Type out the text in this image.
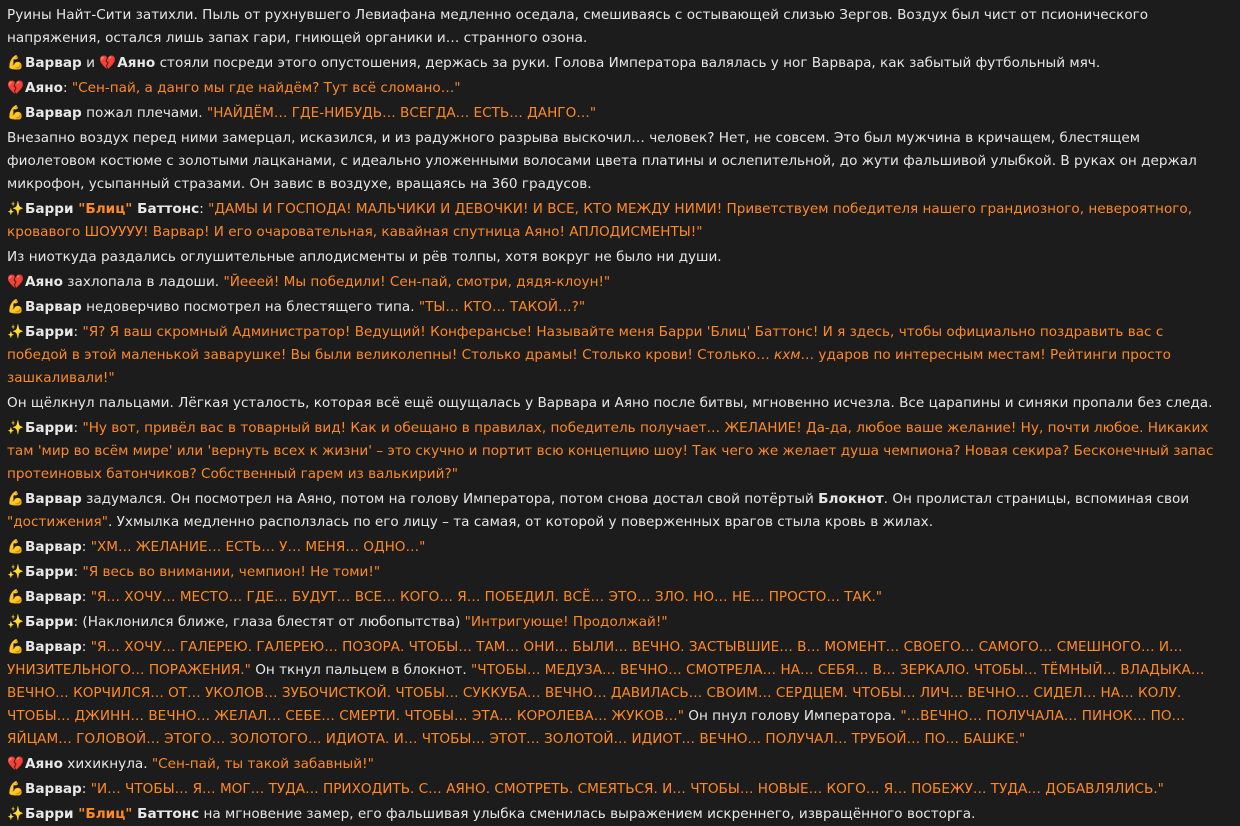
Руины Найт-Сити затихли. Пыль от рухнувшего Левиафана медленно оседала, смешиваясь с остывающей слизью Зергов. Воздух был чист от псионического напряжения, остался лишь запах гари, гниющей органики и… странного озона.

💪Варвар и 💔Аяно стояли посреди этого опустошения, держась за руки. Голова Императора валялась у ног Варвара, как забытый футбольный мяч.

💔Аяно: "Сен-пай, а данго мы где найдём? Тут всё сломано…"

💪Варвар пожал плечами. "НАЙДЁМ… ГДЕ-НИБУДЬ… ВСЕГДА… ЕСТЬ… ДАНГО…"

Внезапно воздух перед ними замерцал, исказился, и из радужного разрыва выскочил… человек? Нет, не совсем. Это был мужчина в кричащем, блестящем фиолетовом костюме с золотыми лацканами, с идеально уложенными волосами цвета платины и ослепительной, до жути фальшивой улыбкой. В руках он держал микрофон, усыпанный стразами. Он завис в воздухе, вращаясь на 360 градусов.

✨Барри "Блиц" Баттонс: "ДАМЫ И ГОСПОДА! МАЛЬЧИКИ И ДЕВОЧКИ! И ВСЕ, КТО МЕЖДУ НИМИ! Приветствуем победителя нашего грандиозного, невероятного, кровавого ШОУУУУ! Варвар! И его очаровательная, кавайная спутница Аяно! АПЛОДИСМЕНТЫ!"

Из ниоткуда раздались оглушительные аплодисменты и рёв толпы, хотя вокруг не было ни души.

💔Аяно захлопала в ладоши. "Йееей! Мы победили! Сен-пай, смотри, дядя-клоун!"

💪Варвар недоверчиво посмотрел на блестящего типа. "ТЫ… КТО… ТАКОЙ…?"

✨Барри: "Я? Я ваш скромный Администратор! Ведущий! Конферансье! Называйте меня Барри 'Блиц' Баттонс! И я здесь, чтобы официально поздравить вас с победой в этой маленькой заварушке! Вы были великолепны! Столько драмы! Столько крови! Столько… кхм… ударов по интересным местам! Рейтинги просто зашкаливали!"

Он щёлкнул пальцами. Лёгкая усталость, которая всё ещё ощущалась у Варвара и Аяно после битвы, мгновенно исчезла. Все царапины и синяки пропали без следа.

✨Барри: "Ну вот, привёл вас в товарный вид! Как и обещано в правилах, победитель получает… ЖЕЛАНИЕ! Да-да, любое ваше желание! Ну, почти любое. Никаких там 'мир во всём мире' или 'вернуть всех к жизни' – это скучно и портит всю концепцию шоу! Так чего же желает душа чемпиона? Новая секира? Бесконечный запас протеиновых батончиков? Собственный гарем из валькирий?"

💪Варвар задумался. Он посмотрел на Аяно, потом на голову Императора, потом снова достал свой потёртый Блокнот. Он пролистал страницы, вспоминая свои "достижения". Ухмылка медленно расползлась по его лицу – та самая, от которой у поверженных врагов стыла кровь в жилах.

💪Варвар: "ХМ… ЖЕЛАНИЕ… ЕСТЬ… У… МЕНЯ… ОДНО…"

✨Барри: "Я весь во внимании, чемпион! Не томи!"

💪Варвар: "Я… ХОЧУ… МЕСТО… ГДЕ… БУДУТ… ВСЕ… КОГО… Я… ПОБЕДИЛ. ВСЁ… ЭТО… ЗЛО. НО… НЕ… ПРОСТО… ТАК."

✨Барри: (Наклонился ближе, глаза блестят от любопытства) "Интригующе! Продолжай!"

💪Варвар: "Я… ХОЧУ… ГАЛЕРЕЮ. ГАЛЕРЕЮ… ПОЗОРА. ЧТОБЫ… ТАМ… ОНИ… БЫЛИ… ВЕЧНО. ЗАСТЫВШИЕ… В… МОМЕНТ… СВОЕГО… САМОГО… СМЕШНОГО… И… УНИЗИТЕЛЬНОГО… ПОРАЖЕНИЯ." Он ткнул пальцем в блокнот. "ЧТОБЫ… МЕДУЗА… ВЕЧНО… СМОТРЕЛА… НА… СЕБЯ… В… ЗЕРКАЛО. ЧТОБЫ… ТЁМНЫЙ… ВЛАДЫКА… ВЕЧНО… КОРЧИЛСЯ… ОТ… УКОЛОВ… ЗУБОЧИСТКОЙ. ЧТОБЫ… СУККУБА… ВЕЧНО… ДАВИЛАСЬ… СВОИМ… СЕРДЦЕМ. ЧТОБЫ… ЛИЧ… ВЕЧНО… СИДЕЛ… НА… КОЛУ. ЧТОБЫ… ДЖИНН… ВЕЧНО… ЖЕЛАЛ… СЕБЕ… СМЕРТИ. ЧТОБЫ… ЭТА… КОРОЛЕВА… ЖУКОВ…" Он пнул голову Императора. "…ВЕЧНО… ПОЛУЧАЛА… ПИНОК… ПО… ЯЙЦАМ… ГОЛОВОЙ… ЭТОГО… ЗОЛОТОГО… ИДИОТА. И… ЧТОБЫ… ЭТОТ… ЗОЛОТОЙ… ИДИОТ… ВЕЧНО… ПОЛУЧАЛ… ТРУБОЙ… ПО… БАШКЕ."

💔Аяно хихикнула. "Сен-пай, ты такой забавный!"

💪Варвар: "И… ЧТОБЫ… Я… МОГ… ТУДА… ПРИХОДИТЬ. С… АЯНО. СМОТРЕТЬ. СМЕЯТЬСЯ. И… ЧТОБЫ… НОВЫЕ… КОГО… Я… ПОБЕЖУ… ТУДА… ДОБАВЛЯЛИСЬ."

✨Барри "Блиц" Баттонс на мгновение замер, его фальшивая улыбка сменилась выражением искреннего, извращённого восторга.
